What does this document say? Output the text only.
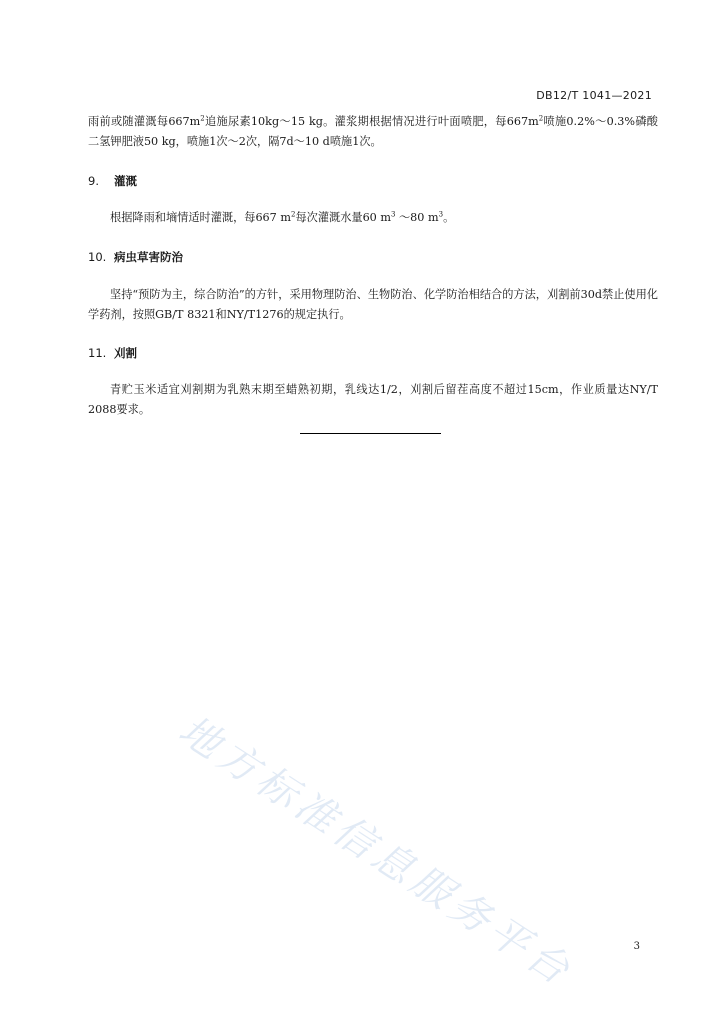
DB12/T 1041—2021

雨前或随灌溉每$667m^2$追施尿素10kg～15 kg。灌浆期根据情况进行叶面喷肥，每$667m^2$喷施0.2%～0.3%磷酸二氢钾肥液50 kg，喷施1次～2次，隔7d～10 d喷施1次。

9. 灌溉

根据降雨和墒情适时灌溉，每667 $m^2$每次灌溉水量60 $m^3$ ～80 $m^3$。

10. 病虫草害防治

坚持“预防为主，综合防治”的方针，采用物理防治、生物防治、化学防治相结合的方法，刈割前30d禁止使用化学药剂，按照GB/T 8321和NY/T1276的规定执行。

11. 刈割

青贮玉米适宜刈割期为乳熟末期至蜡熟初期，乳线达1/2，刈割后留茬高度不超过15cm，作业质量达NY/T 2088要求。

地方标准信息服务平台	3
